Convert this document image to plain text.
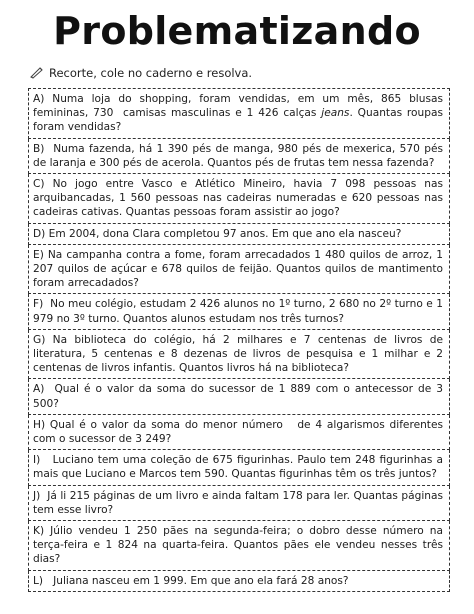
Problematizando
Recorte, cole no caderno e resolva.
A) Numa loja do shopping, foram vendidas, em um mês, 865 blusas femininas, 730  camisas masculinas e 1 426 calças jeans. Quantas roupas foram vendidas?
B)  Numa fazenda, há 1 390 pés de manga, 980 pés de mexerica, 570 pés de laranja e 300 pés de acerola. Quantos pés de frutas tem nessa fazenda?
C) No jogo entre Vasco e Atlético Mineiro, havia 7 098 pessoas nas arquibancadas, 1 560 pessoas nas cadeiras numeradas e 620 pessoas nas cadeiras cativas. Quantas pessoas foram assistir ao jogo?
D) Em 2004, dona Clara completou 97 anos. Em que ano ela nasceu?
E) Na campanha contra a fome, foram arrecadados 1 480 quilos de arroz, 1 207 quilos de açúcar e 678 quilos de feijão. Quantos quilos de mantimento foram arrecadados?
F)  No meu colégio, estudam 2 426 alunos no 1º turno, 2 680 no 2º turno e 1 979 no 3º turno. Quantos alunos estudam nos três turnos?
G) Na biblioteca do colégio, há 2 milhares e 7 centenas de livros de literatura, 5 centenas e 8 dezenas de livros de pesquisa e 1 milhar e 2 centenas de livros infantis. Quantos livros há na biblioteca?
A)  Qual é o valor da soma do sucessor de 1 889 com o antecessor de 3 500?
H) Qual é o valor da soma do menor número   de 4 algarismos diferentes com o sucessor de 3 249?
I)   Luciano tem uma coleção de 675 figurinhas. Paulo tem 248 figurinhas a mais que Luciano e Marcos tem 590. Quantas figurinhas têm os três juntos?
J)  Já li 215 páginas de um livro e ainda faltam 178 para ler. Quantas páginas tem esse livro?
K) Júlio vendeu 1 250 pães na segunda-feira; o dobro desse número na terça-feira e 1 824 na quarta-feira. Quantos pães ele vendeu nesses três dias?
L)   Juliana nasceu em 1 999. Em que ano ela fará 28 anos?
